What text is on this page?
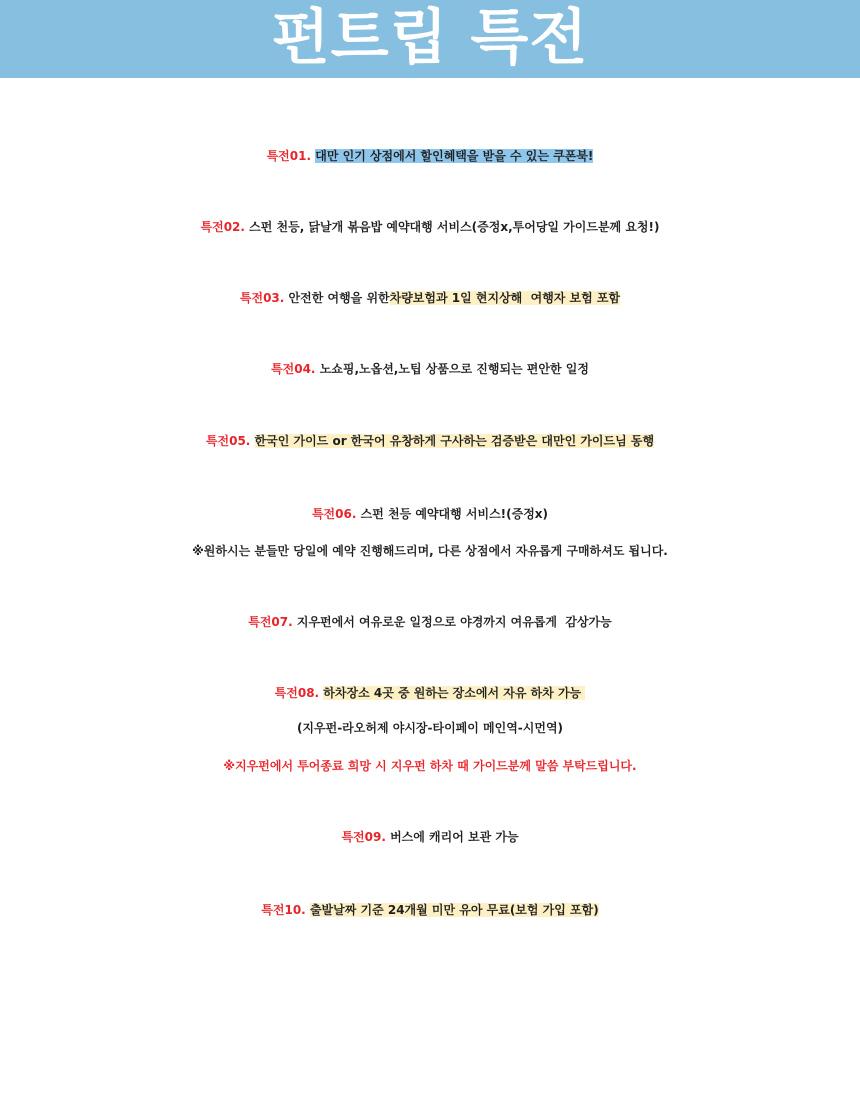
펀트립 특전
특전01. 대만 인기 상점에서 할인혜택을 받을 수 있는 쿠폰북!
특전02. 스펀 천등, 닭날개 볶음밥 예약대행 서비스(증정x,투어당일 가이드분께 요청!)
특전03. 안전한 여행을 위한차량보험과 1일 현지상해  여행자 보험 포함
특전04. 노쇼핑,노옵션,노팁 상품으로 진행되는 편안한 일정
특전05. 한국인 가이드 or 한국어 유창하게 구사하는 검증받은 대만인 가이드님 동행
특전06. 스펀 천등 예약대행 서비스!(증정x)
※원하시는 분들만 당일에 예약 진행해드리며, 다른 상점에서 자유롭게 구매하셔도 됩니다.
특전07. 지우펀에서 여유로운 일정으로 야경까지 여유롭게  감상가능
특전08. 하차장소 4곳 중 원하는 장소에서 자유 하차 가능
(지우펀-라오허제 야시장-타이페이 메인역-시먼역)
※지우펀에서 투어종료 희망 시 지우펀 하차 때 가이드분께 말씀 부탁드립니다.
특전09. 버스에 캐리어 보관 가능
특전10. 출발날짜 기준 24개월 미만 유아 무료(보험 가입 포함)
